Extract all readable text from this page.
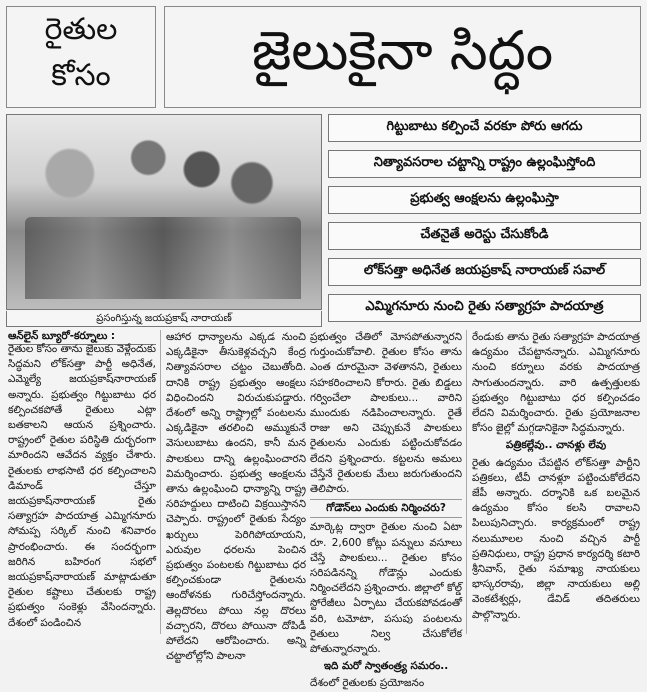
రైతుల
కోసం	జైలుకైనా సిద్ధం
ప్రసంగిస్తున్న జయప్రకాష్ నారాయణ్
గిట్టుబాటు కల్పించే వరకూ పోరు ఆగదు
నిత్యావసరాల చట్టాన్ని రాష్ట్రం ఉల్లంఘిస్తోంది
ప్రభుత్వ ఆంక్షలను ఉల్లంఘిస్తా
చేతనైతే అరెస్టు చేసుకోండి
లోక్‌సత్తా అధినేత జయప్రకాష్ నారాయణ్ సవాల్
ఎమ్మిగనూరు నుంచి రైతు సత్యాగ్రహ పాదయాత్ర
ఆన్‌లైన్ బ్యూరో-కర్నూలు :

రైతుల కోసం తాను జైలుకు వెళ్లేందుకు సిద్ధమని లోక్‌సత్తా పార్టీ అధినేత, ఎమ్మెల్యే జయప్రకాష్‌నారాయణ్ అన్నారు. ప్రభుత్వం గిట్టుబాటు ధర కల్పించకపోతే రైతులు ఎట్లా బతకాలని ఆయన ప్రశ్నించారు. రాష్ట్రంలో రైతుల పరిస్థితి దుర్భరంగా మారిందని ఆవేదన వ్యక్తం చేశారు. రైతులకు లాభసాటి ధర కల్పించాలని డిమాండ్ చేస్తూ జయప్రకాష్‌నారాయణ్ రైతు సత్యాగ్రహ పాదయాత్ర ఎమ్మిగనూరు సోమప్ప సర్కిల్ నుంచి శనివారం ప్రారంభించారు. ఈ సందర్భంగా జరిగిన బహిరంగ సభలో జయప్రకాష్‌నారాయణ్ మాట్లాడుతూ రైతుల కష్టాలు చేతులకు రాష్ట్ర ప్రభుత్వం సంకెళ్లు వేసిందన్నారు. దేశంలో పండించిన

ఆహార ధాన్యాలను ఎక్కడ నుంచి ఎక్కడికైనా తీసుకెళ్లవచ్చని కేంద్ర నిత్యావసరాల చట్టం చెబుతోంది. దానికి రాష్ట్ర ప్రభుత్వం ఆంక్షలు విధించిందని విరుచుకుపడ్డారు. దేశంలో అన్ని రాష్ట్రాల్లో పంటలను ఎక్కడికైనా తరలించి అమ్ముకునే వెసులుబాటు ఉందని, కానీ మన పాలకులు దాన్ని ఉల్లంఘించారని విమర్శించారు. ప్రభుత్వ ఆంక్షలను తాను ఉల్లంఘించి ధాన్యాన్ని రాష్ట్ర సరిహద్దులు దాటించి విక్రయిస్తానని చెప్పారు. రాష్ట్రంలో రైతుకు సేద్యం ఖర్చులు పెరిగిపోయాయని, ఎరువుల ధరలను పెంచిన ప్రభుత్వం పంటలకు గిట్టుబాటు ధర కల్పించకుండా రైతులను ఆందోళనకు గురిచేస్తోందన్నారు. తెల్లదొరలు పోయి నల్ల దొరలు వచ్చారని, దొరలు పోయినా దోపిడీ పోలేదని ఆరోపించారు. అన్ని చట్టాలోల్లోని పాలనా

ప్రభుత్వం చేతిలో మోసపోతున్నారని గుర్తుంచుకోవాలి. రైతుల కోసం తాను ఎంత దూరమైనా వెళతానని, రైతులు సహకరించాలని కోరారు. రైతు బిడ్డలు గర్వించేలా పాలకులు... వారిని ముందుకు నడిపించాలన్నారు. రైతే రాజు అని చెప్పుకునే పాలకులు రైతులను ఎందుకు పట్టించుకోవడం లేదని ప్రశ్నించారు. కట్టలను అమలు చేస్తేనే రైతులకు మేలు జరుగుతుందని తెలిపారు.

గోడౌన్‌లు ఎందుకు నిర్మించరు?

మార్కెట్ల ద్వారా రైతుల నుంచి ఏటా రూ. 2,600 కోట్లు పన్నులు వసూలు చేస్తే పాలకులు... రైతుల కోసం సరిపడినన్ని గోడౌన్లు ఎందుకు నిర్మించలేదని ప్రశ్నించారు. జిల్లాలో కోల్డ్ స్టోరేజీలు ఏర్పాటు చేయకపోవడంతో వరి, టమోటా, పసుపు పంటలను రైతులు నిల్వ చేసుకోలేక పోతున్నారన్నారు.

ఇది మరో స్వాతంత్ర్య సమరం..

దేశంలో రైతులకు ప్రయోజనం

రేండుకు తాను రైతు సత్యాగ్రహ పాదయాత్ర ఉద్యమం చేపట్టానన్నారు. ఎమ్మిగనూరు నుంచి కర్నూలు వరకు పాదయాత్ర సాగుతుందన్నారు. వారి ఉత్పత్తులకు ప్రభుత్వం గిట్టుబాటు ధర కల్పించడం లేదని విమర్శించారు. రైతు ప్రయోజనాల కోసం జైల్లో మగ్గడానికైనా సిద్ధమన్నారు.

పత్రికల్లేవు.. చానళ్లు లేవు

రైతు ఉద్యమం చేపట్టిన లోక్‌సత్తా పార్టీని పత్రికలు, టీవీ చానళ్లూ పట్టించుకోలేదని జేపీ అన్నారు. దర్శానికి ఒక బలమైన ఉద్యమం కోసం కలసి రావాలని పిలుపునిచ్చారు. కార్యక్రమంలో రాష్ట్ర నలుమూలల నుంచి వచ్చిన పార్టీ ప్రతినిధులు, రాష్ట్ర ప్రధాన కార్యదర్శి కటారి శ్రీనివాస్, రైతు సమాఖ్య నాయకులు భాస్కరరావు, జిల్లా నాయకులు అల్లి వెంకటేశ్వర్లు, డేవిడ్ తదితరులు పాల్గొన్నారు.
